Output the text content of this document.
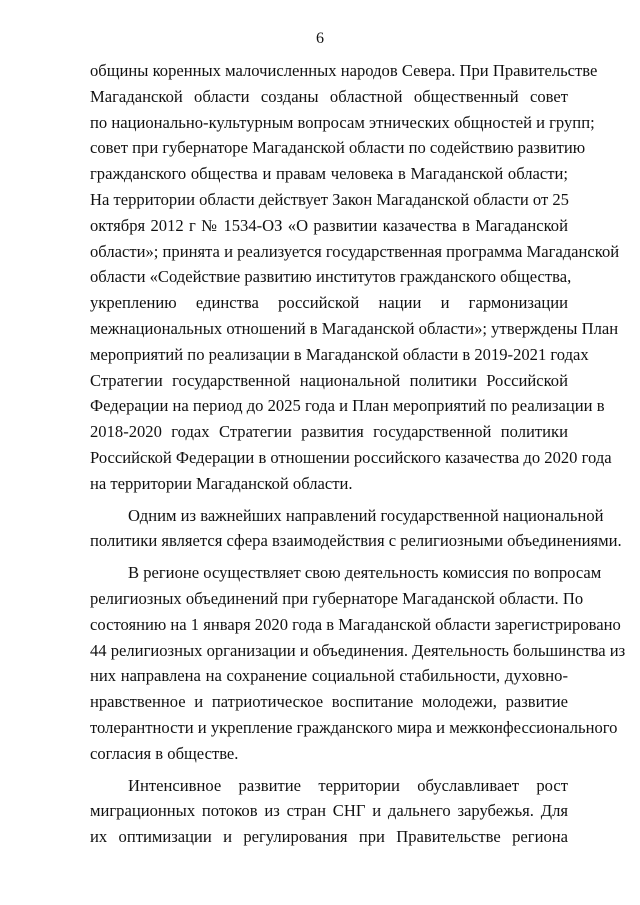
6
общины коренных малочисленных народов Севера. При Правительстве
Магаданской области созданы областной общественный совет
по национально-культурным вопросам этнических общностей и групп;
совет при губернаторе Магаданской области по содействию развитию
гражданского общества и правам человека в Магаданской области;
На территории области действует Закон Магаданской области от 25
октября 2012 г № 1534-ОЗ «О развитии казачества в Магаданской
области»; принята и реализуется государственная программа Магаданской
области «Содействие развитию институтов гражданского общества,
укреплению единства российской нации и гармонизации
межнациональных отношений в Магаданской области»; утверждены План
мероприятий по реализации в Магаданской области в 2019-2021 годах
Стратегии государственной национальной политики Российской
Федерации на период до 2025 года и План мероприятий по реализации в
2018-2020 годах Стратегии развития государственной политики
Российской Федерации в отношении российского казачества до 2020 года
на территории Магаданской области.
Одним из важнейших направлений государственной национальной
политики является сфера взаимодействия с религиозными объединениями.
В регионе осуществляет свою деятельность комиссия по вопросам
религиозных объединений при губернаторе Магаданской области. По
состоянию на 1 января 2020 года в Магаданской области зарегистрировано
44 религиозных организации и объединения. Деятельность большинства из
них направлена на сохранение социальной стабильности, духовно-
нравственное и патриотическое воспитание молодежи, развитие
толерантности и укрепление гражданского мира и межконфессионального
согласия в обществе.
Интенсивное развитие территории обуславливает рост
миграционных потоков из стран СНГ и дальнего зарубежья. Для
их оптимизации и регулирования при Правительстве региона
